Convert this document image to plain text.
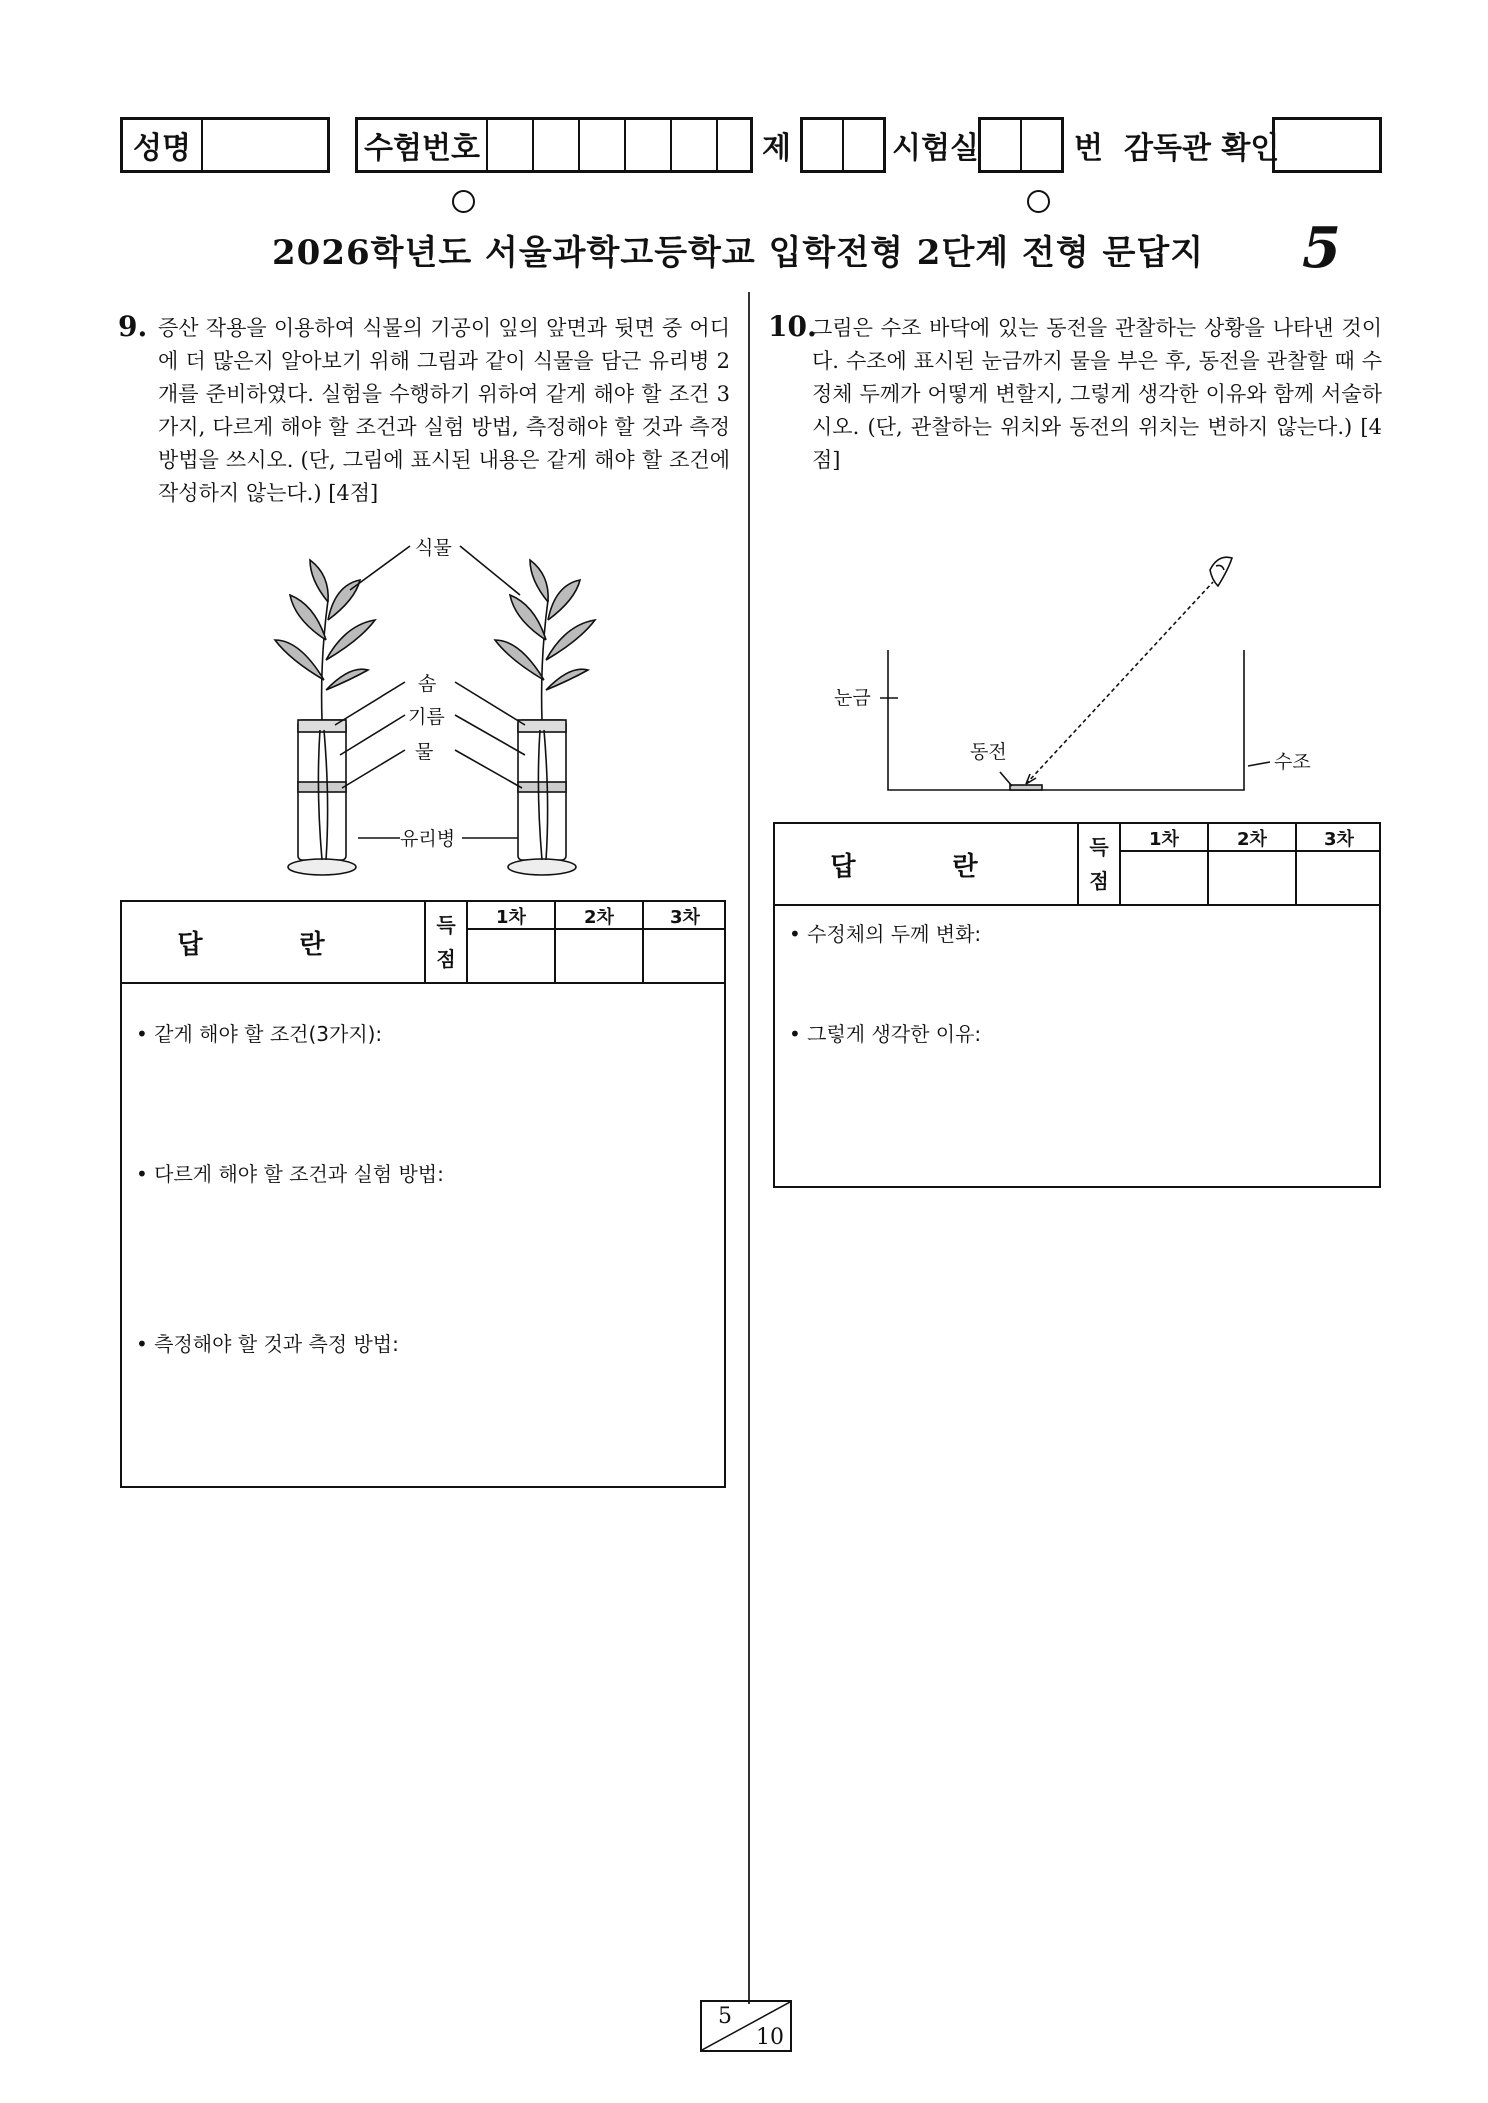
성명	수험번호	제	시험실	번 감독관 확인
2026학년도 서울과학고등학교 입학전형 2단계 전형 문답지 5
9. 증산 작용을 이용하여 식물의 기공이 잎의 앞면과 뒷면 중 어디에 더 많은지 알아보기 위해 그림과 같이 식물을 담근 유리병 2개를 준비하였다. 실험을 수행하기 위하여 같게 해야 할 조건 3가지, 다르게 해야 할 조건과 실험 방법, 측정해야 할 것과 측정 방법을 쓰시오. (단, 그림에 표시된 내용은 같게 해야 할 조건에 작성하지 않는다.) [4점]
식물
솜
기름
물
유리병
답 란
득
점
1차	2차	3차
• 같게 해야 할 조건(3가지):
• 다르게 해야 할 조건과 실험 방법:
• 측정해야 할 것과 측정 방법:
10.
그림은 수조 바닥에 있는 동전을 관찰하는 상황을 나타낸 것이다. 수조에 표시된 눈금까지 물을 부은 후, 동전을 관찰할 때 수정체 두께가 어떻게 변할지, 그렇게 생각한 이유와 함께 서술하시오. (단, 관찰하는 위치와 동전의 위치는 변하지 않는다.) [4점]
눈금
동전	수조
답 란
득
점
1차	2차	3차
• 수정체의 두께 변화:
• 그렇게 생각한 이유:
5
10
